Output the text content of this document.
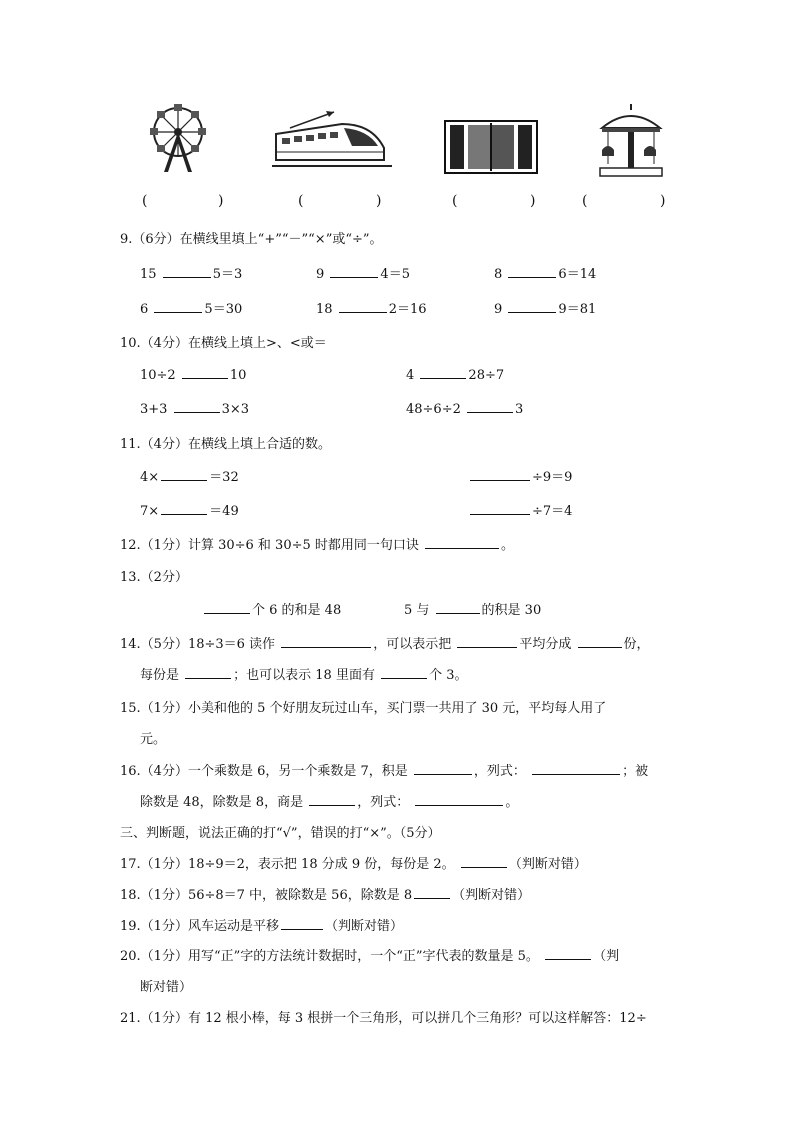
(	)	(	)	(	)	(	)
9.（6分）在横线里填上“+”“－”“×”或“÷”。
15	5＝3	9	4＝5	8	6＝14
6	5＝30	18	2＝16	9	9＝81
10.（4分）在横线上填上>、<或＝
10÷2	10	4	28÷7
3+3	3×3	48÷6÷2	3
11.（4分）在横线上填上合适的数。
4×	＝32	÷9＝9
7×	＝49	÷7＝4
12.（1分）计算 30÷6 和 30÷5 时都用同一句口诀	。
13.（2分）
个 6 的和是 48	5 与	的积是 30
14.（5分）18÷3＝6 读作	，可以表示把	平均分成	份，
每份是	；也可以表示 18 里面有	个 3。
15.（1分）小美和他的 5 个好朋友玩过山车，买门票一共用了 30 元，平均每人用了
元。
16.（4分）一个乘数是 6，另一个乘数是 7，积是	，列式：	；被
除数是 48，除数是 8，商是	，列式：	。
三、判断题，说法正确的打“√”，错误的打“×”。（5分）
17.（1分）18÷9＝2，表示把 18 分成 9 份，每份是 2。	（判断对错）
18.（1分）56÷8＝7 中，被除数是 56，除数是 8	（判断对错）
19.（1分）风车运动是平移	（判断对错）
20.（1分）用写“正”字的方法统计数据时，一个“正”字代表的数量是 5。	（判
断对错）
21.（1分）有 12 根小棒，每 3 根拼一个三角形，可以拼几个三角形？可以这样解答：12÷
